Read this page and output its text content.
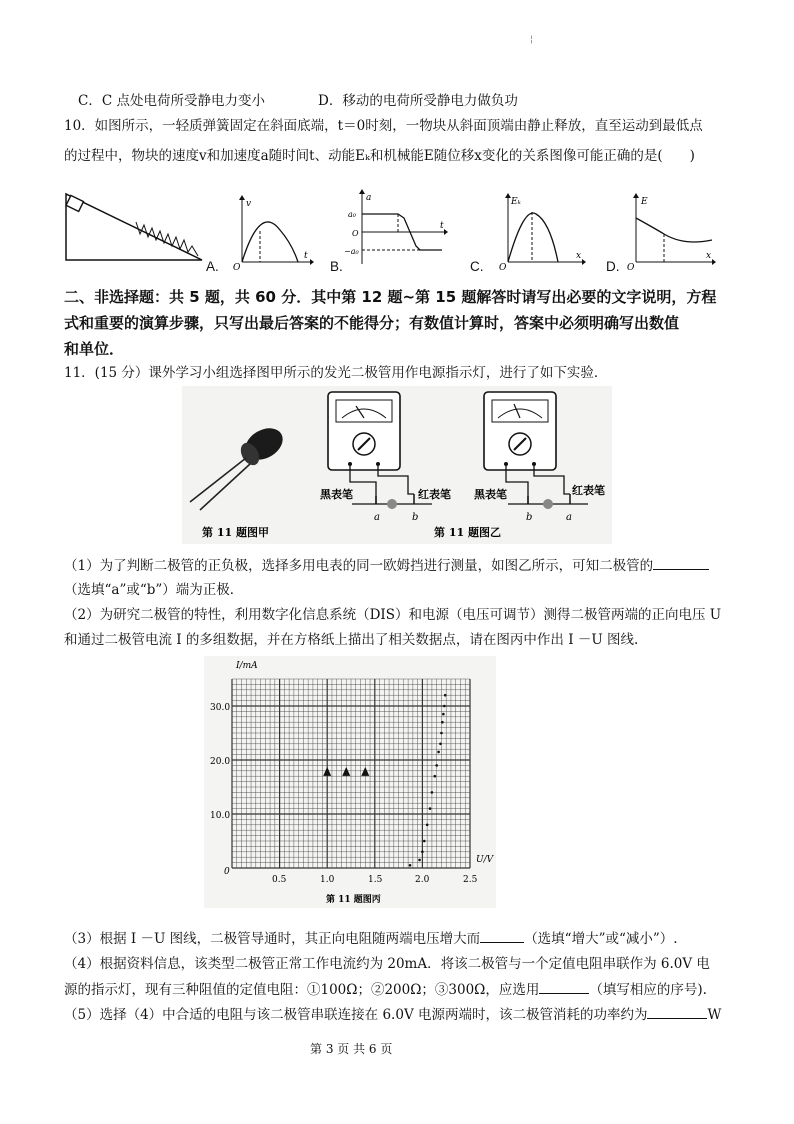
¦
C．C 点处电荷所受静电力变小	D．移动的电荷所受静电力做负功
10．如图所示，一轻质弹簧固定在斜面底端，t＝0时刻，一物块从斜面顶端由静止释放，直至运动到最低点
的过程中，物块的速度v和加速度a随时间t、动能Eₖ和机械能E随位移x变化的关系图像可能正确的是(　　)
v
t
O
A.
a
t
a₀
O
−a₀
B.
Eₖ
x
O
C.
E
x
O
D.
二、非选择题：共 5 题，共 60 分．其中第 12 题~第 15 题解答时请写出必要的文字说明，方程
式和重要的演算步骤，只写出最后答案的不能得分；有数值计算时，答案中必须明确写出数值
和单位．
11．(15 分）课外学习小组选择图甲所示的发光二极管用作电源指示灯，进行了如下实验．
第 11 题图甲
黑表笔	红表笔
a	b
黑表笔	红表笔
b	a
第 11 题图乙
（1）为了判断二极管的正负极，选择多用电表的同一欧姆挡进行测量，如图乙所示，可知二极管的
（选填“a”或“b”）端为正极．
（2）为研究二极管的特性，利用数字化信息系统（DIS）和电源（电压可调节）测得二极管两端的正向电压 U
和通过二极管电流 I 的多组数据，并在方格纸上描出了相关数据点，请在图丙中作出 I －U 图线.
I/mA
U/V
0
30.0
20.0
10.0
0.5	1.0	1.5	2.0	2.5
第 11 题图丙
（3）根据 I －U 图线，二极管导通时，其正向电阻随两端电压增大而	（选填“增大”或“减小”）.
（4）根据资料信息，该类型二极管正常工作电流约为 20mA．将该二极管与一个定值电阻串联作为 6.0V 电
源的指示灯，现有三种阻值的定值电阻：①100Ω；②200Ω；③300Ω，应选用	（填写相应的序号).
（5）选择（4）中合适的电阻与该二极管串联连接在 6.0V 电源两端时，该二极管消耗的功率约为	W
第 3 页 共 6 页
